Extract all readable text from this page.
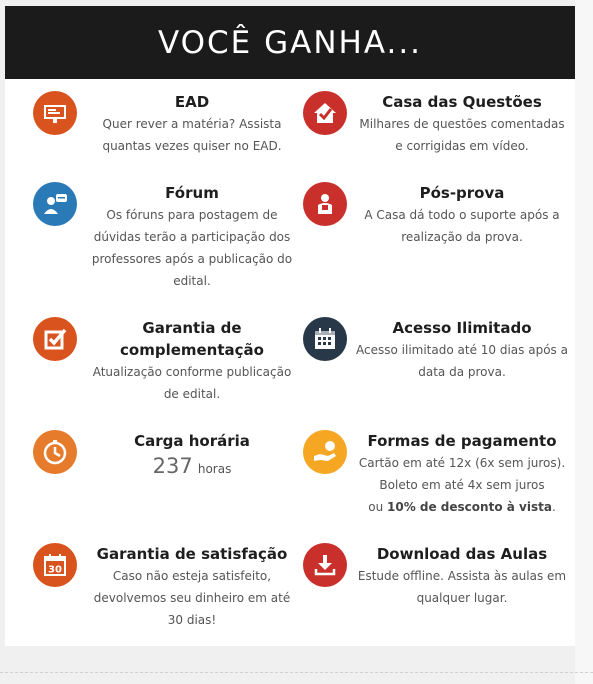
VOCÊ GANHA...
EAD
Quer rever a matéria? Assista
quantas vezes quiser no EAD.
Casa das Questões
Milhares de questões comentadas
e corrigidas em vídeo.
Fórum
Os fóruns para postagem de
dúvidas terão a participação dos
professores após a publicação do
edital.
Pós-prova
A Casa dá todo o suporte após a
realização da prova.
Garantia de
complementação
Atualização conforme publicação
de edital.
Acesso Ilimitado
Acesso ilimitado até 10 dias após a
data da prova.
Carga horária
237 horas
Formas de pagamento
Cartão em até 12x (6x sem juros).
Boleto em até 4x sem juros
ou 10% de desconto à vista.
30
Garantia de satisfação
Caso não esteja satisfeito,
devolvemos seu dinheiro em até
30 dias!
Download das Aulas
Estude offline. Assista às aulas em
qualquer lugar.
